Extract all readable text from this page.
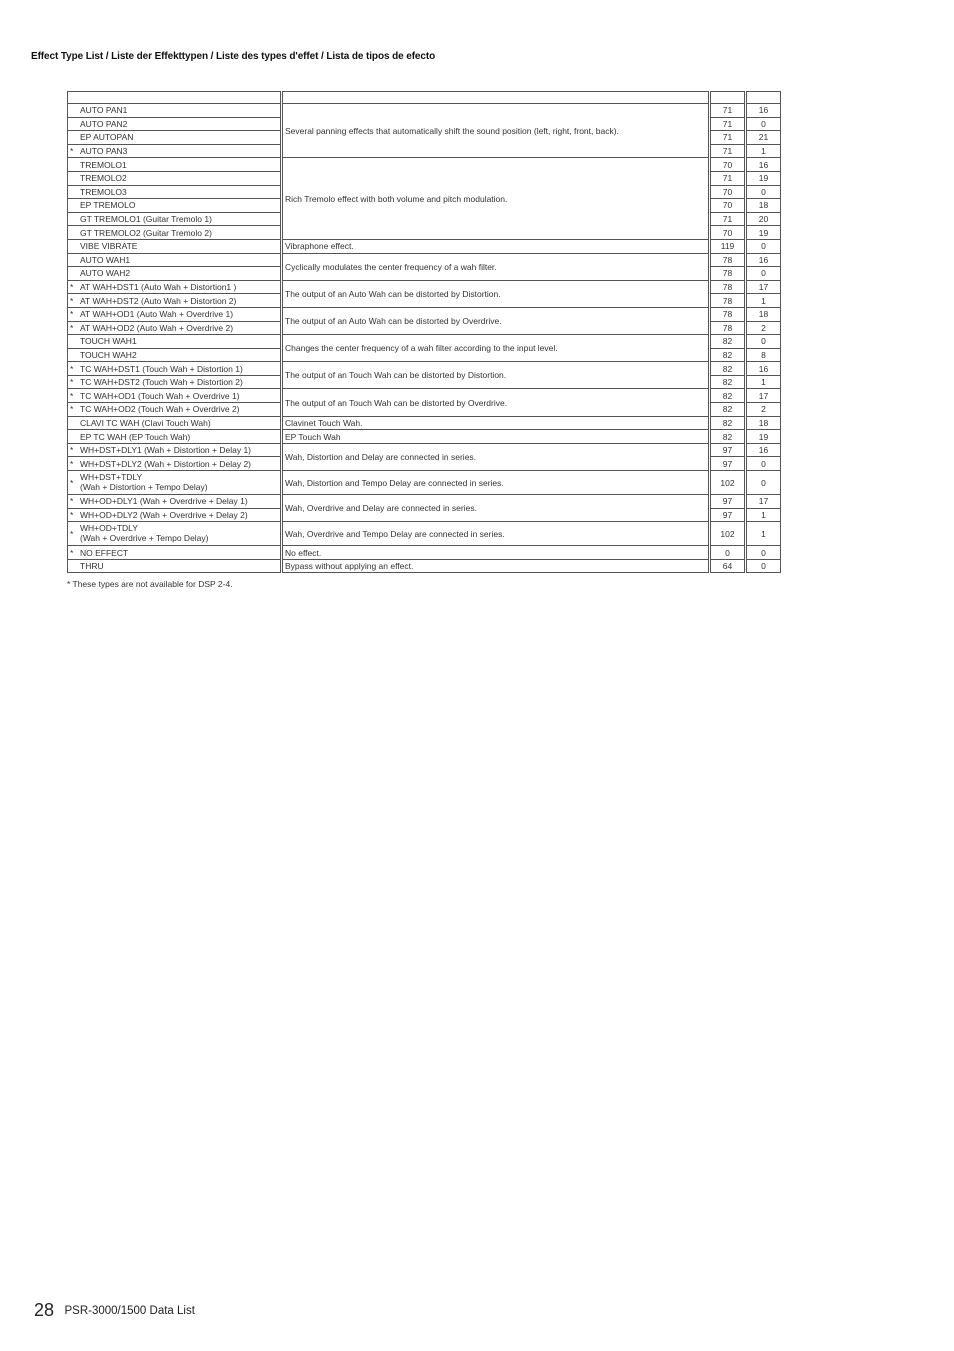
Effect Type List / Liste der Effekttypen / Liste des types d'effet / Lista de tipos de efecto

AUTO PAN1		Several panning effects that automatically shift the sound position (left, right, front, back).		71		16

AUTO PAN2				71		0

EP AUTOPAN				71		21

* AUTO PAN3				71		1

TREMOLO1		Rich Tremolo effect with both volume and pitch modulation.		70		16

TREMOLO2				71		19

TREMOLO3				70		0

EP TREMOLO				70		18

GT TREMOLO1 (Guitar Tremolo 1)				71		20

GT TREMOLO2 (Guitar Tremolo 2)				70		19

VIBE VIBRATE		Vibraphone effect.		119		0

AUTO WAH1		Cyclically modulates the center frequency of a wah filter.		78		16

AUTO WAH2				78		0

* AT WAH+DST1 (Auto Wah + Distortion1 )		The output of an Auto Wah can be distorted by Distortion.		78		17

* AT WAH+DST2 (Auto Wah + Distortion 2)				78		1

* AT WAH+OD1 (Auto Wah + Overdrive 1)		The output of an Auto Wah can be distorted by Overdrive.		78		18

* AT WAH+OD2 (Auto Wah + Overdrive 2)				78		2

TOUCH WAH1		Changes the center frequency of a wah filter according to the input level.		82		0

TOUCH WAH2				82		8

* TC WAH+DST1 (Touch Wah + Distortion 1)		The output of an Touch Wah can be distorted by Distortion.		82		16

* TC WAH+DST2 (Touch Wah + Distortion 2)				82		1

* TC WAH+OD1 (Touch Wah + Overdrive 1)		The output of an Touch Wah can be distorted by Overdrive.		82		17

* TC WAH+OD2 (Touch Wah + Overdrive 2)				82		2

CLAVI TC WAH (Clavi Touch Wah)		Clavinet Touch Wah.		82		18

EP TC WAH (EP Touch Wah)		EP Touch Wah		82		19

* WH+DST+DLY1 (Wah + Distortion + Delay 1)		Wah, Distortion and Delay are connected in series.		97		16

* WH+DST+DLY2 (Wah + Distortion + Delay 2)				97		0

*
WH+DST+TDLY
(Wah + Distortion + Tempo Delay)		Wah, Distortion and Tempo Delay are connected in series.		102		0

* WH+OD+DLY1 (Wah + Overdrive + Delay 1)		Wah, Overdrive and Delay are connected in series.		97		17

* WH+OD+DLY2 (Wah + Overdrive + Delay 2)				97		1

*
WH+OD+TDLY
(Wah + Overdrive + Tempo Delay)		Wah, Overdrive and Tempo Delay are connected in series.		102		1

* NO EFFECT		No effect.		0		0

THRU		Bypass without applying an effect.		64		0
* These types are not available for DSP 2-4.
28 PSR-3000/1500 Data List
